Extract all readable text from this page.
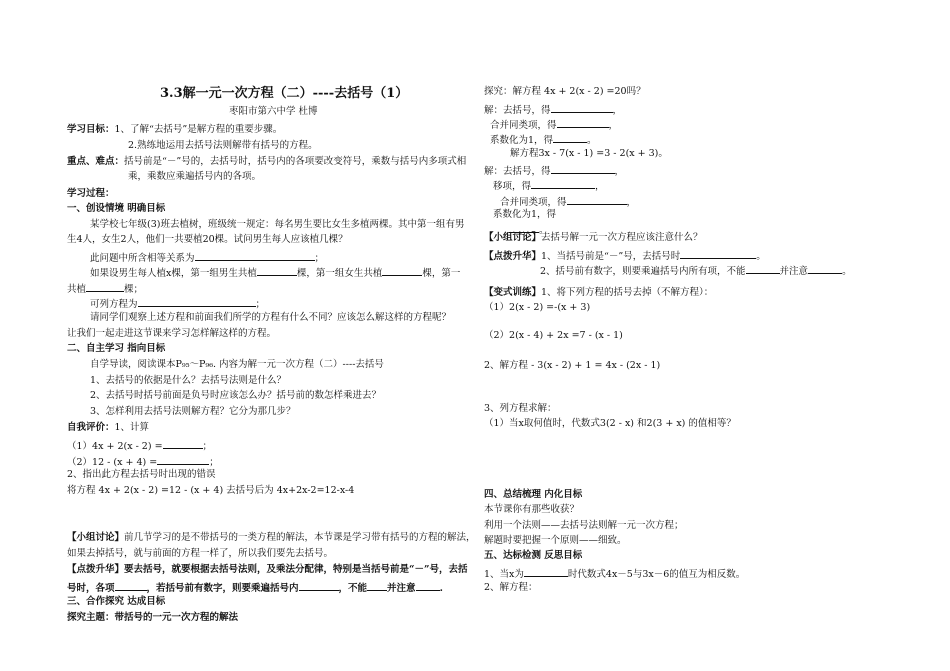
3.3解一元一次方程（二）----去括号（1）
枣阳市第六中学 杜博
学习目标：1、了解“去括号”是解方程的重要步骤。
2.熟练地运用去括号法则解带有括号的方程。
重点、难点：括号前是“－”号的，去括号时，括号内的各项要改变符号，乘数与括号内多项式相
乘，乘数应乘遍括号内的各项。
学习过程：
一、创设情境 明确目标
某学校七年级(3)班去植树，班级统一规定：每名男生要比女生多植两棵。其中第一组有男
生4人，女生2人，他们一共要植20棵。试问男生每人应该植几棵？
此问题中所含相等关系为	；
如果设男生每人植x棵，第一组男生共植	棵，第一组女生共植	棵，第一
共植	棵；
可列方程为	；
请同学们观察上述方程和前面我们所学的方程有什么不同？应该怎么解这样的方程呢？
让我们一起走进这节课来学习怎样解这样的方程。
二、自主学习 指向目标
自学导读，阅读课本P₉₅～P₉₆. 内容为解一元一次方程（二）----去括号
1、去括号的依据是什么？去括号法则是什么？
2、去括号时括号前面是负号时应该怎么办？括号前的数怎样乘进去？
3、怎样利用去括号法则解方程？它分为那几步？
自我评价：1、计算
（1）4x + 2(x - 2) =	；
（2）12 - (x + 4) =	；
2、指出此方程去括号时出现的错误
将方程 4x + 2(x - 2) =12 - (x + 4) 去括号后为 4x+2x-2=12-x-4
【小组讨论】前几节学习的是不带括号的一类方程的解法，本节课是学习带有括号的方程的解法，
如果去掉括号，就与前面的方程一样了，所以我们要先去括号。
【点拨升华】要去括号，就要根据去括号法则，及乘法分配律，特别是当括号前是“－”号，去括
号时，各项	，若括号前有数字，则要乘遍括号内	，不能 并注意	.
三、合作探究 达成目标
探究主题：带括号的一元一次方程的解法
探究：解方程 4x + 2(x - 2) =20吗？
解：去括号，得	，
合并同类项，得	，
系数化为1，得	。
解方程3x - 7(x - 1) =3 - 2(x + 3)。
解：去括号，得	，
移项，得	，
合并同类项，得	，
系数化为1，得
。
【小组讨论】去括号解一元一次方程应该注意什么？
【点拨升华】1、当括号前是“－”号，去括号时	。
2、括号前有数字，则要乘遍括号内所有项，不能	并注意	。
【变式训练】1、将下列方程的括号去掉（不解方程）：
（1）2(x - 2) =-(x + 3)
（2）2(x - 4) + 2x =7 - (x - 1)
2、解方程 - 3(x - 2) + 1 = 4x - (2x - 1)
3、列方程求解：
（1）当x取何值时，代数式3(2 - x) 和2(3 + x) 的值相等？
四、总结梳理 内化目标
本节课你有那些收获？
利用一个法则——去括号法则解一元一次方程；
解题时要把握一个原则——细致。
五、达标检测 反思目标
1、当x为	时代数式4x－5与3x－6的值互为相反数。
2、解方程：
